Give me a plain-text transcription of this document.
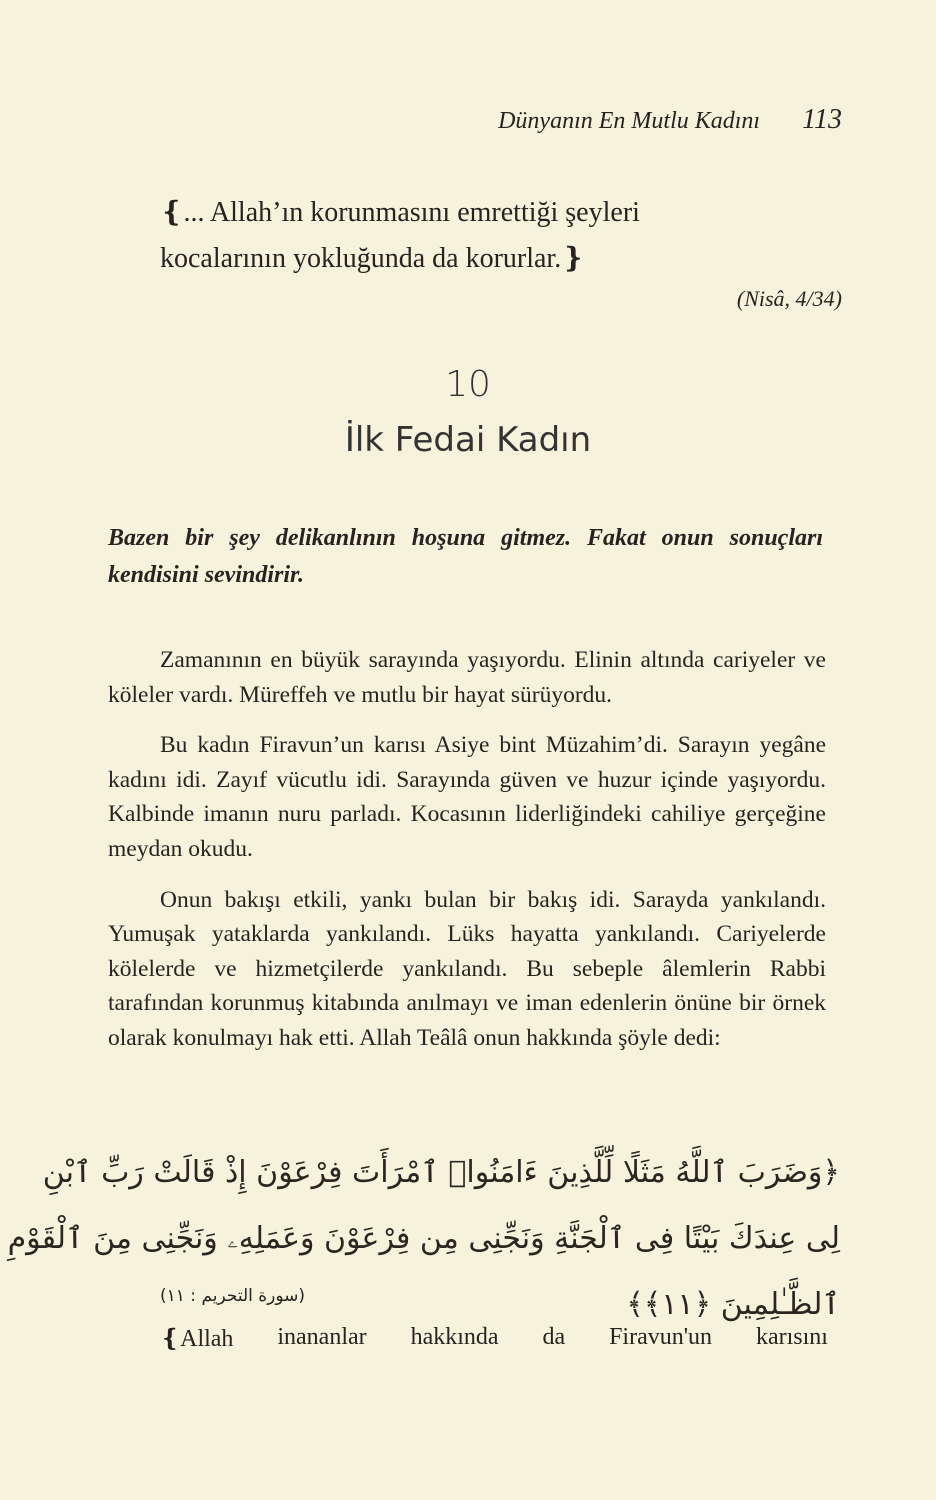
Dünyanın En Mutlu Kadını 113
❴... Allah’ın korunmasını emrettiği şeyleri
kocalarının yokluğunda da korurlar.❵
(Nisâ, 4/34)
10
İlk Fedai Kadın
Bazen bir şey delikanlının hoşuna gitmez. Fakat onun sonuçları kendisini sevindirir.

Zamanının en büyük sarayında yaşıyordu. Elinin altında cariyeler ve köleler vardı. Müreffeh ve mutlu bir hayat sürüyordu.

Bu kadın Firavun’un karısı Asiye bint Müzahim’di. Sarayın yegâne kadını idi. Zayıf vücutlu idi. Sarayında güven ve huzur içinde yaşıyordu. Kalbinde imanın nuru parladı. Kocasının liderliğindeki cahiliye gerçeğine meydan okudu.

Onun bakışı etkili, yankı bulan bir bakış idi. Sarayda yankılandı. Yumuşak yataklarda yankılandı. Lüks hayatta yankılandı. Cariyelerde kölelerde ve hizmetçilerde yankılandı. Bu sebeple âlemlerin Rabbi tarafından korunmuş kitabında anılmayı ve iman edenlerin önüne bir örnek olarak konulmayı hak etti. Allah Teâlâ onun hakkında şöyle dedi:

﴿وَضَرَبَ ٱللَّهُ مَثَلًا لِّلَّذِينَ ءَامَنُوا۟ ٱمْرَأَتَ فِرْعَوْنَ إِذْ قَالَتْ رَبِّ ٱبْنِ
لِى عِندَكَ بَيْتًا فِى ٱلْجَنَّةِ وَنَجِّنِى مِن فِرْعَوْنَ وَعَمَلِهِۦ وَنَجِّنِى مِنَ ٱلْقَوْمِ
ٱلظَّـٰلِمِينَ ﴿١١﴾﴾
(سورة التحريم : ١١)
❴Allah inananlar hakkında da Firavun'un karısını
